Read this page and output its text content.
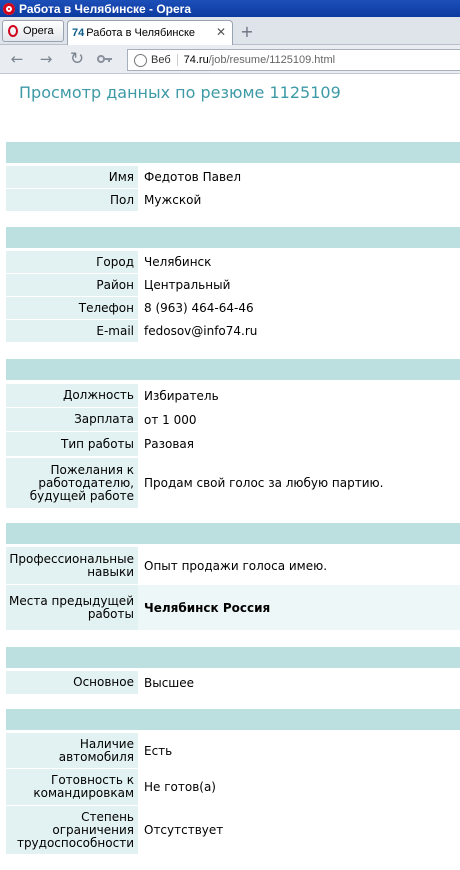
Работа в Челябинске - Opera
Opera 74 Работа в Челябинске ✕ +
← → ↻	Веб	74.ru /job/resume/1125109.html
Просмотр данных по резюме 1125109
Имя Федотов Павел
Пол Мужской
Город Челябинск
Район Центральный
Телефон 8 (963) 464-64-46
E-mail fedosov@info74.ru
Должность Избиратель
Зарплата от 1 000
Тип работы Разовая
Пожелания к работодателю, будущей работе
Продам свой голос за любую партию.
Профессиональные навыки Опыт продажи голоса имею.
Места предыдущей работы Челябинск Россия
Основное Высшее
Наличие автомобиля Есть
Готовность к командировкам Не готов(а)
Степень ограничения трудоспособности
Отсутствует
